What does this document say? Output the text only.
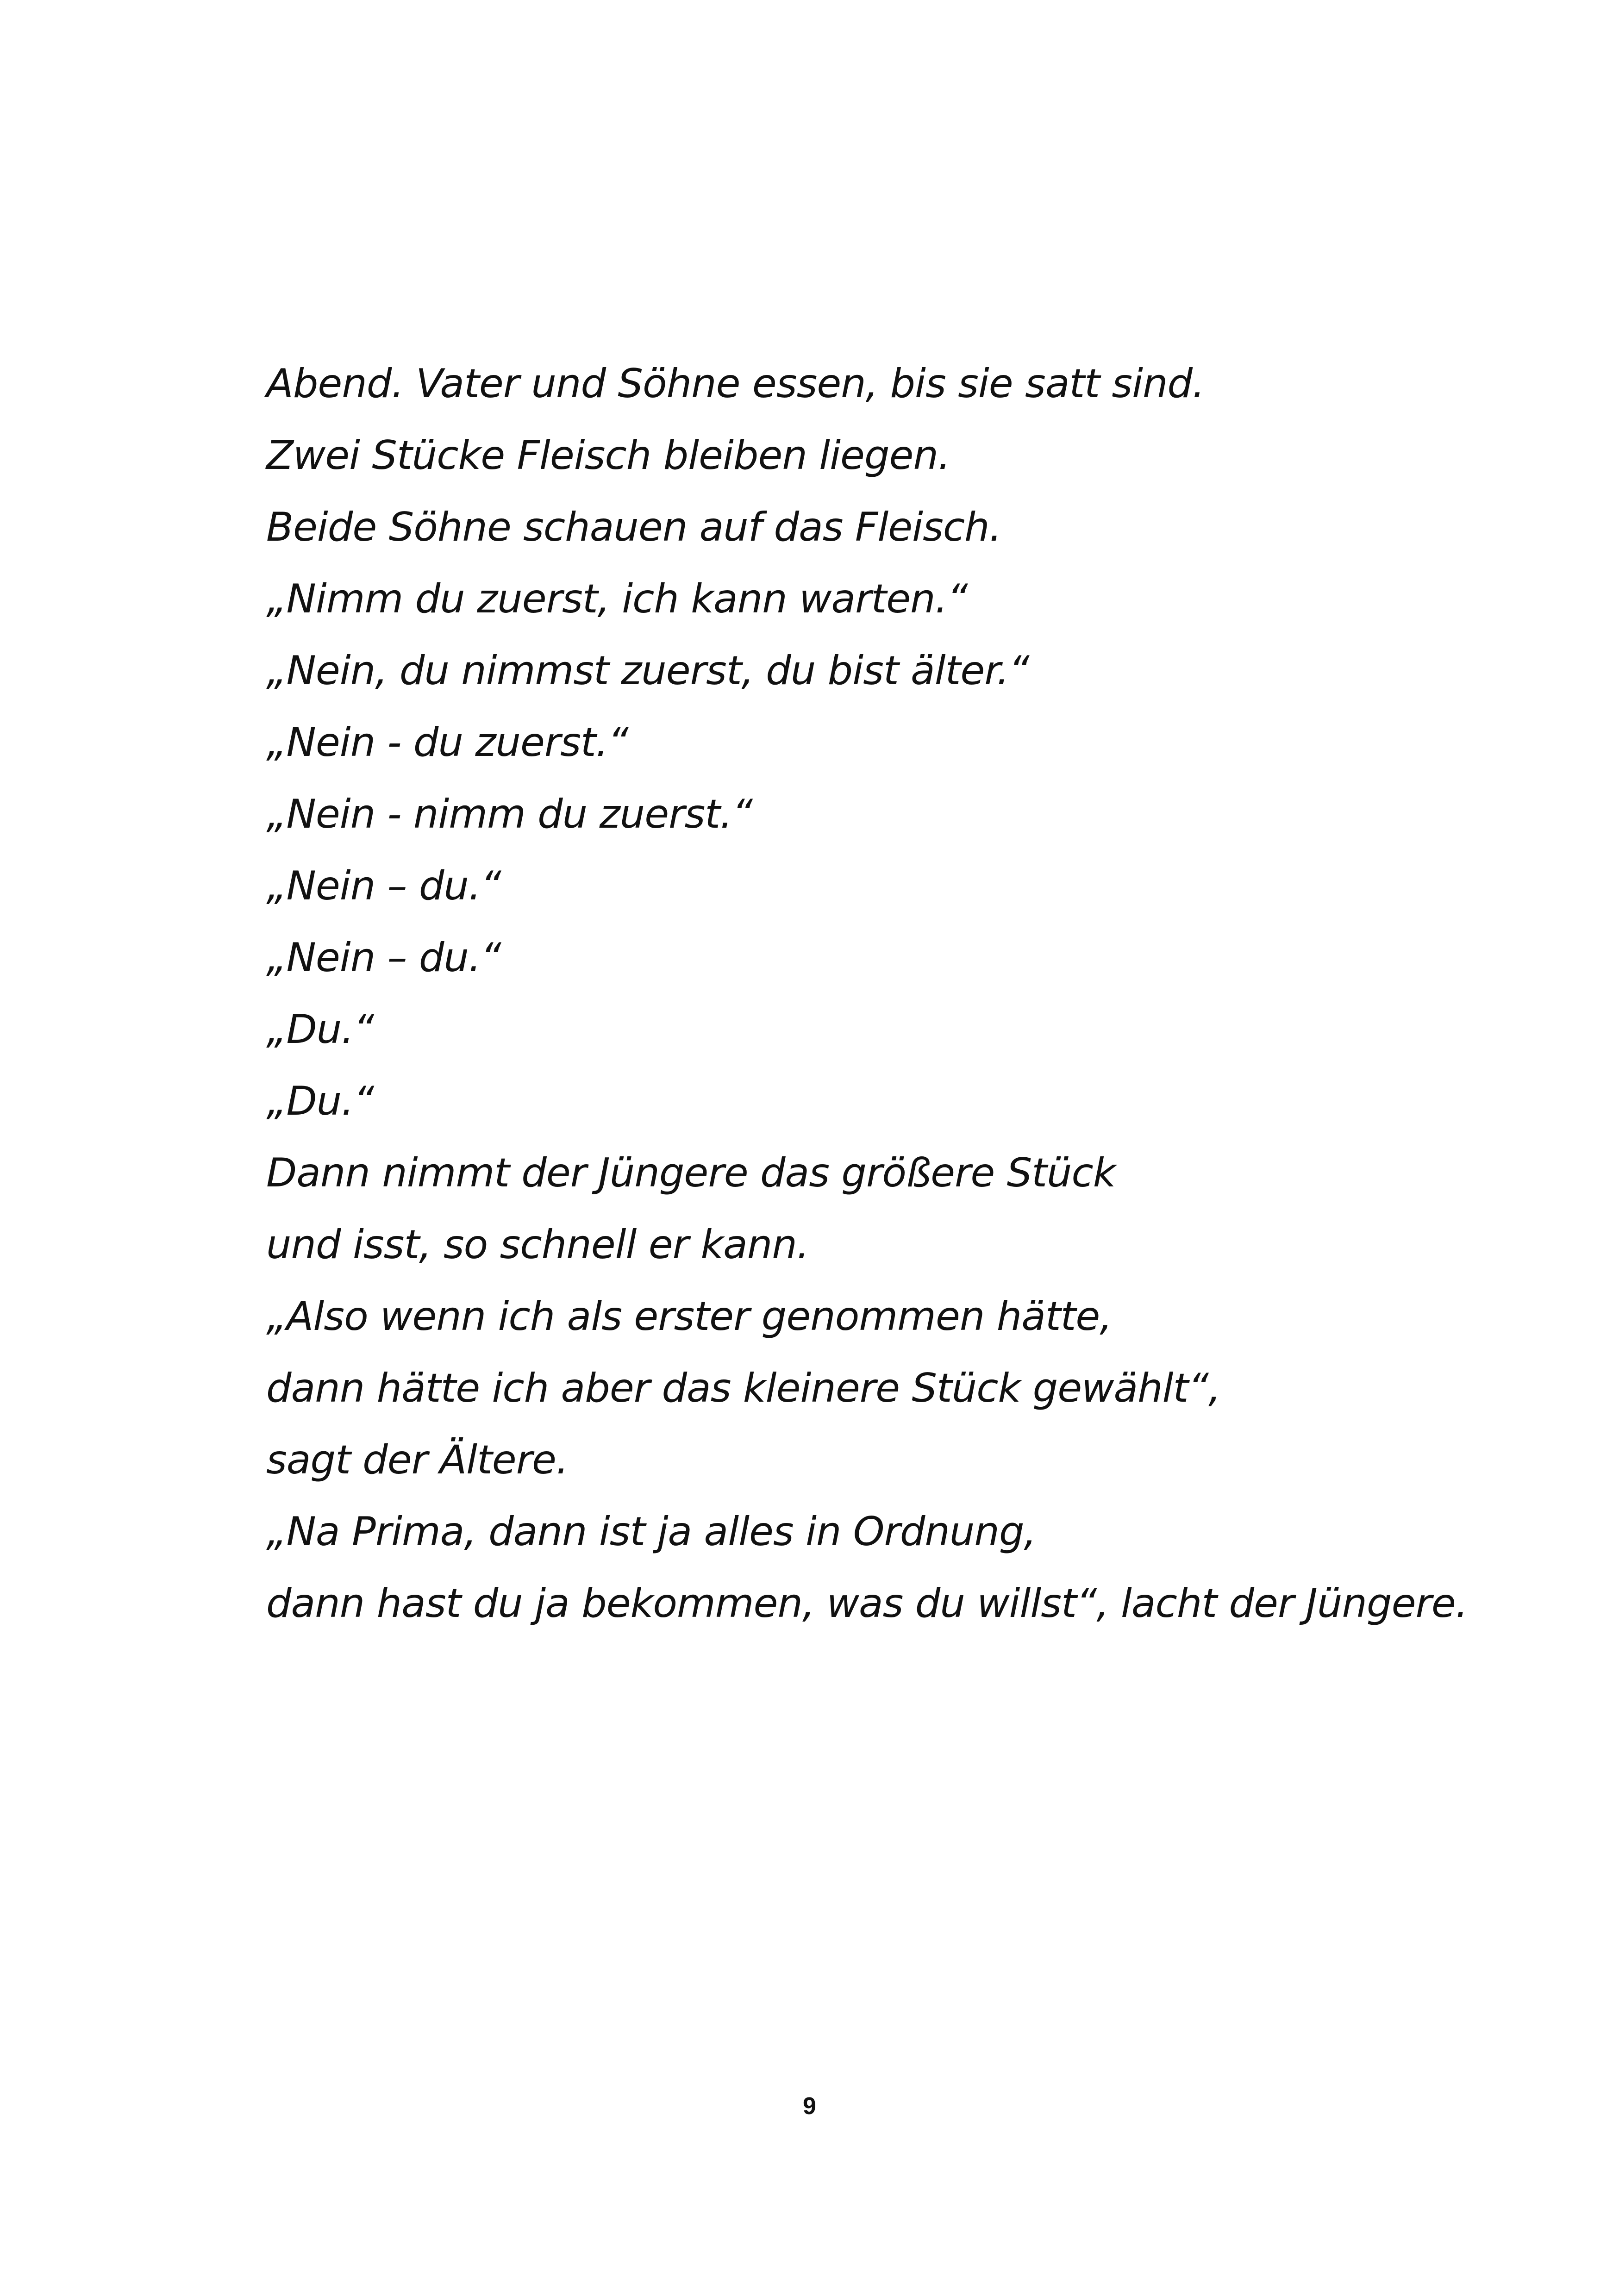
Abend. Vater und Söhne essen, bis sie satt sind.
Zwei Stücke Fleisch bleiben liegen.
Beide Söhne schauen auf das Fleisch.
„Nimm du zuerst, ich kann warten.“
„Nein, du nimmst zuerst, du bist älter.“
„Nein - du zuerst.“
„Nein - nimm du zuerst.“
„Nein – du.“
„Nein – du.“
„Du.“
„Du.“
Dann nimmt der Jüngere das größere Stück
und isst, so schnell er kann.
„Also wenn ich als erster genommen hätte,
dann hätte ich aber das kleinere Stück gewählt“,
sagt der Ältere.
„Na Prima, dann ist ja alles in Ordnung,
dann hast du ja bekommen, was du willst“, lacht der Jüngere.
9
